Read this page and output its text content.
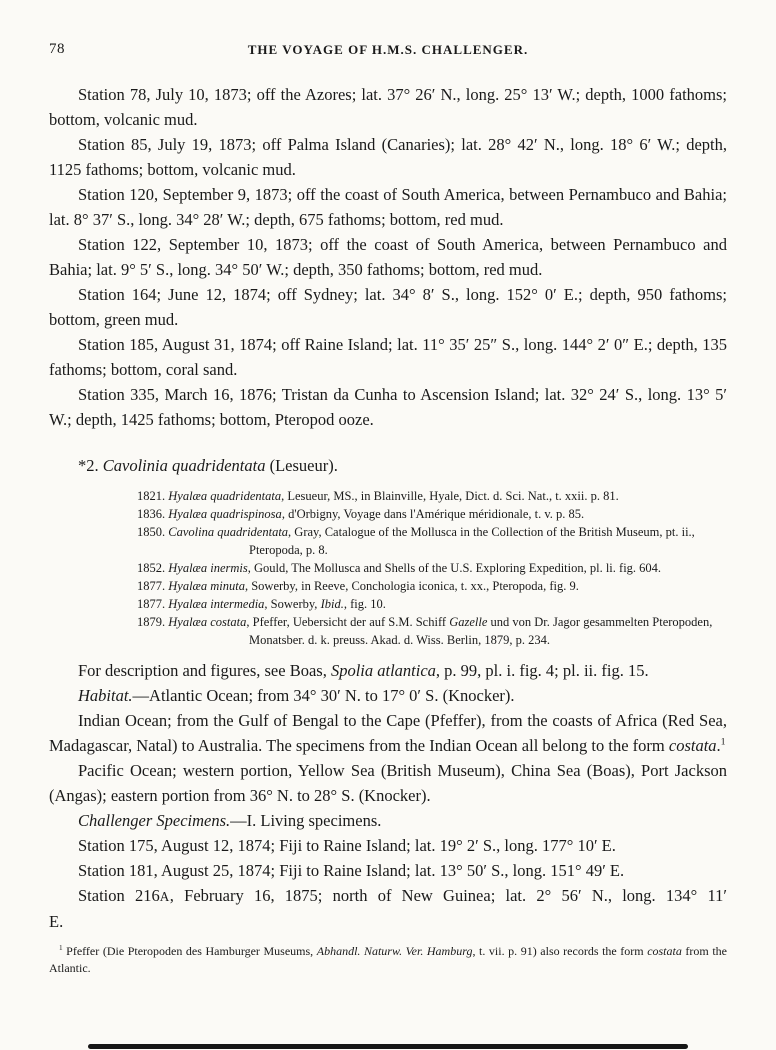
78	THE VOYAGE OF H.M.S. CHALLENGER.

Station 78, July 10, 1873; off the Azores; lat. 37° 26′ N., long. 25° 13′ W.; depth, 1000 fathoms; bottom, volcanic mud.

Station 85, July 19, 1873; off Palma Island (Canaries); lat. 28° 42′ N., long. 18° 6′ W.; depth, 1125 fathoms; bottom, volcanic mud.

Station 120, September 9, 1873; off the coast of South America, between Pernambuco and Bahia; lat. 8° 37′ S., long. 34° 28′ W.; depth, 675 fathoms; bottom, red mud.

Station 122, September 10, 1873; off the coast of South America, between Pernambuco and Bahia; lat. 9° 5′ S., long. 34° 50′ W.; depth, 350 fathoms; bottom, red mud.

Station 164; June 12, 1874; off Sydney; lat. 34° 8′ S., long. 152° 0′ E.; depth, 950 fathoms; bottom, green mud.

Station 185, August 31, 1874; off Raine Island; lat. 11° 35′ 25″ S., long. 144° 2′ 0″ E.; depth, 135 fathoms; bottom, coral sand.

Station 335, March 16, 1876; Tristan da Cunha to Ascension Island; lat. 32° 24′ S., long. 13° 5′ W.; depth, 1425 fathoms; bottom, Pteropod ooze.

*2. Cavolinia quadridentata (Lesueur).

1821. Hyalæa quadridentata, Lesueur, MS., in Blainville, Hyale, Dict. d. Sci. Nat., t. xxii. p. 81.

1836. Hyalæa quadrispinosa, d'Orbigny, Voyage dans l'Amérique méridionale, t. v. p. 85.

1850. Cavolina quadridentata, Gray, Catalogue of the Mollusca in the Collection of the British Museum, pt. ii., Pteropoda, p. 8.

1852. Hyalæa inermis, Gould, The Mollusca and Shells of the U.S. Exploring Expedition, pl. li. fig. 604.

1877. Hyalæa minuta, Sowerby, in Reeve, Conchologia iconica, t. xx., Pteropoda, fig. 9.

1877. Hyalæa intermedia, Sowerby, Ibid., fig. 10.

1879. Hyalæa costata, Pfeffer, Uebersicht der auf S.M. Schiff Gazelle und von Dr. Jagor gesammelten Pteropoden, Monatsber. d. k. preuss. Akad. d. Wiss. Berlin, 1879, p. 234.

For description and figures, see Boas, Spolia atlantica, p. 99, pl. i. fig. 4; pl. ii. fig. 15.

Habitat.—Atlantic Ocean; from 34° 30′ N. to 17° 0′ S. (Knocker).

Indian Ocean; from the Gulf of Bengal to the Cape (Pfeffer), from the coasts of Africa (Red Sea, Madagascar, Natal) to Australia. The specimens from the Indian Ocean all belong to the form costata.$^1$

Pacific Ocean; western portion, Yellow Sea (British Museum), China Sea (Boas), Port Jackson (Angas); eastern portion from 36° N. to 28° S. (Knocker).

Challenger Specimens.—I. Living specimens.

Station 175, August 12, 1874; Fiji to Raine Island; lat. 19° 2′ S., long. 177° 10′ E.

Station 181, August 25, 1874; Fiji to Raine Island; lat. 13° 50′ S., long. 151° 49′ E.

Station 216A, February 16, 1875; north of New Guinea; lat. 2° 56′ N., long. 134° 11′ E.

$^1$ Pfeffer (Die Pteropoden des Hamburger Museums, Abhandl. Naturw. Ver. Hamburg, t. vii. p. 91) also records the form costata from the Atlantic.
